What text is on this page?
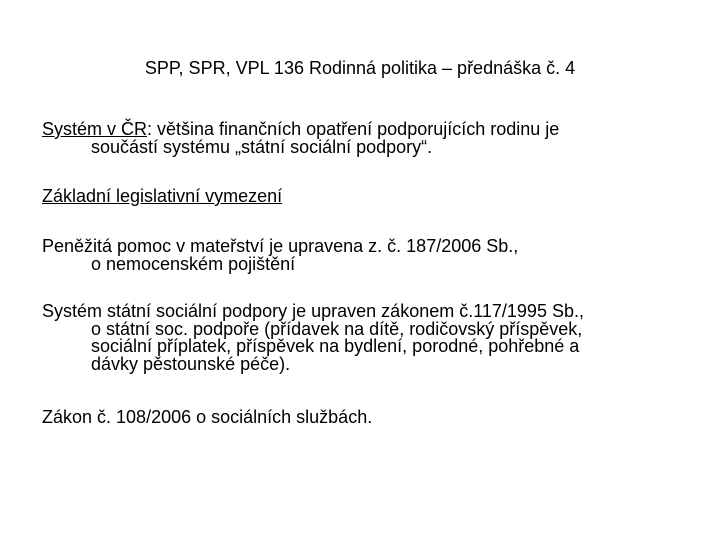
SPP, SPR, VPL 136 Rodinná politika – přednáška č. 4
Systém v ČR: většina finančních opatření podporujících rodinu je
součástí systému „státní sociální podpory“.
Základní legislativní vymezení
Peněžitá pomoc v mateřství je upravena z. č. 187/2006 Sb.,
o nemocenském pojištění
Systém státní sociální podpory je upraven zákonem č.117/1995 Sb.,
o státní soc. podpoře (přídavek na dítě, rodičovský příspěvek,
sociální příplatek, příspěvek na bydlení, porodné, pohřebné a
dávky pěstounské péče).
Zákon č. 108/2006 o sociálních službách.
